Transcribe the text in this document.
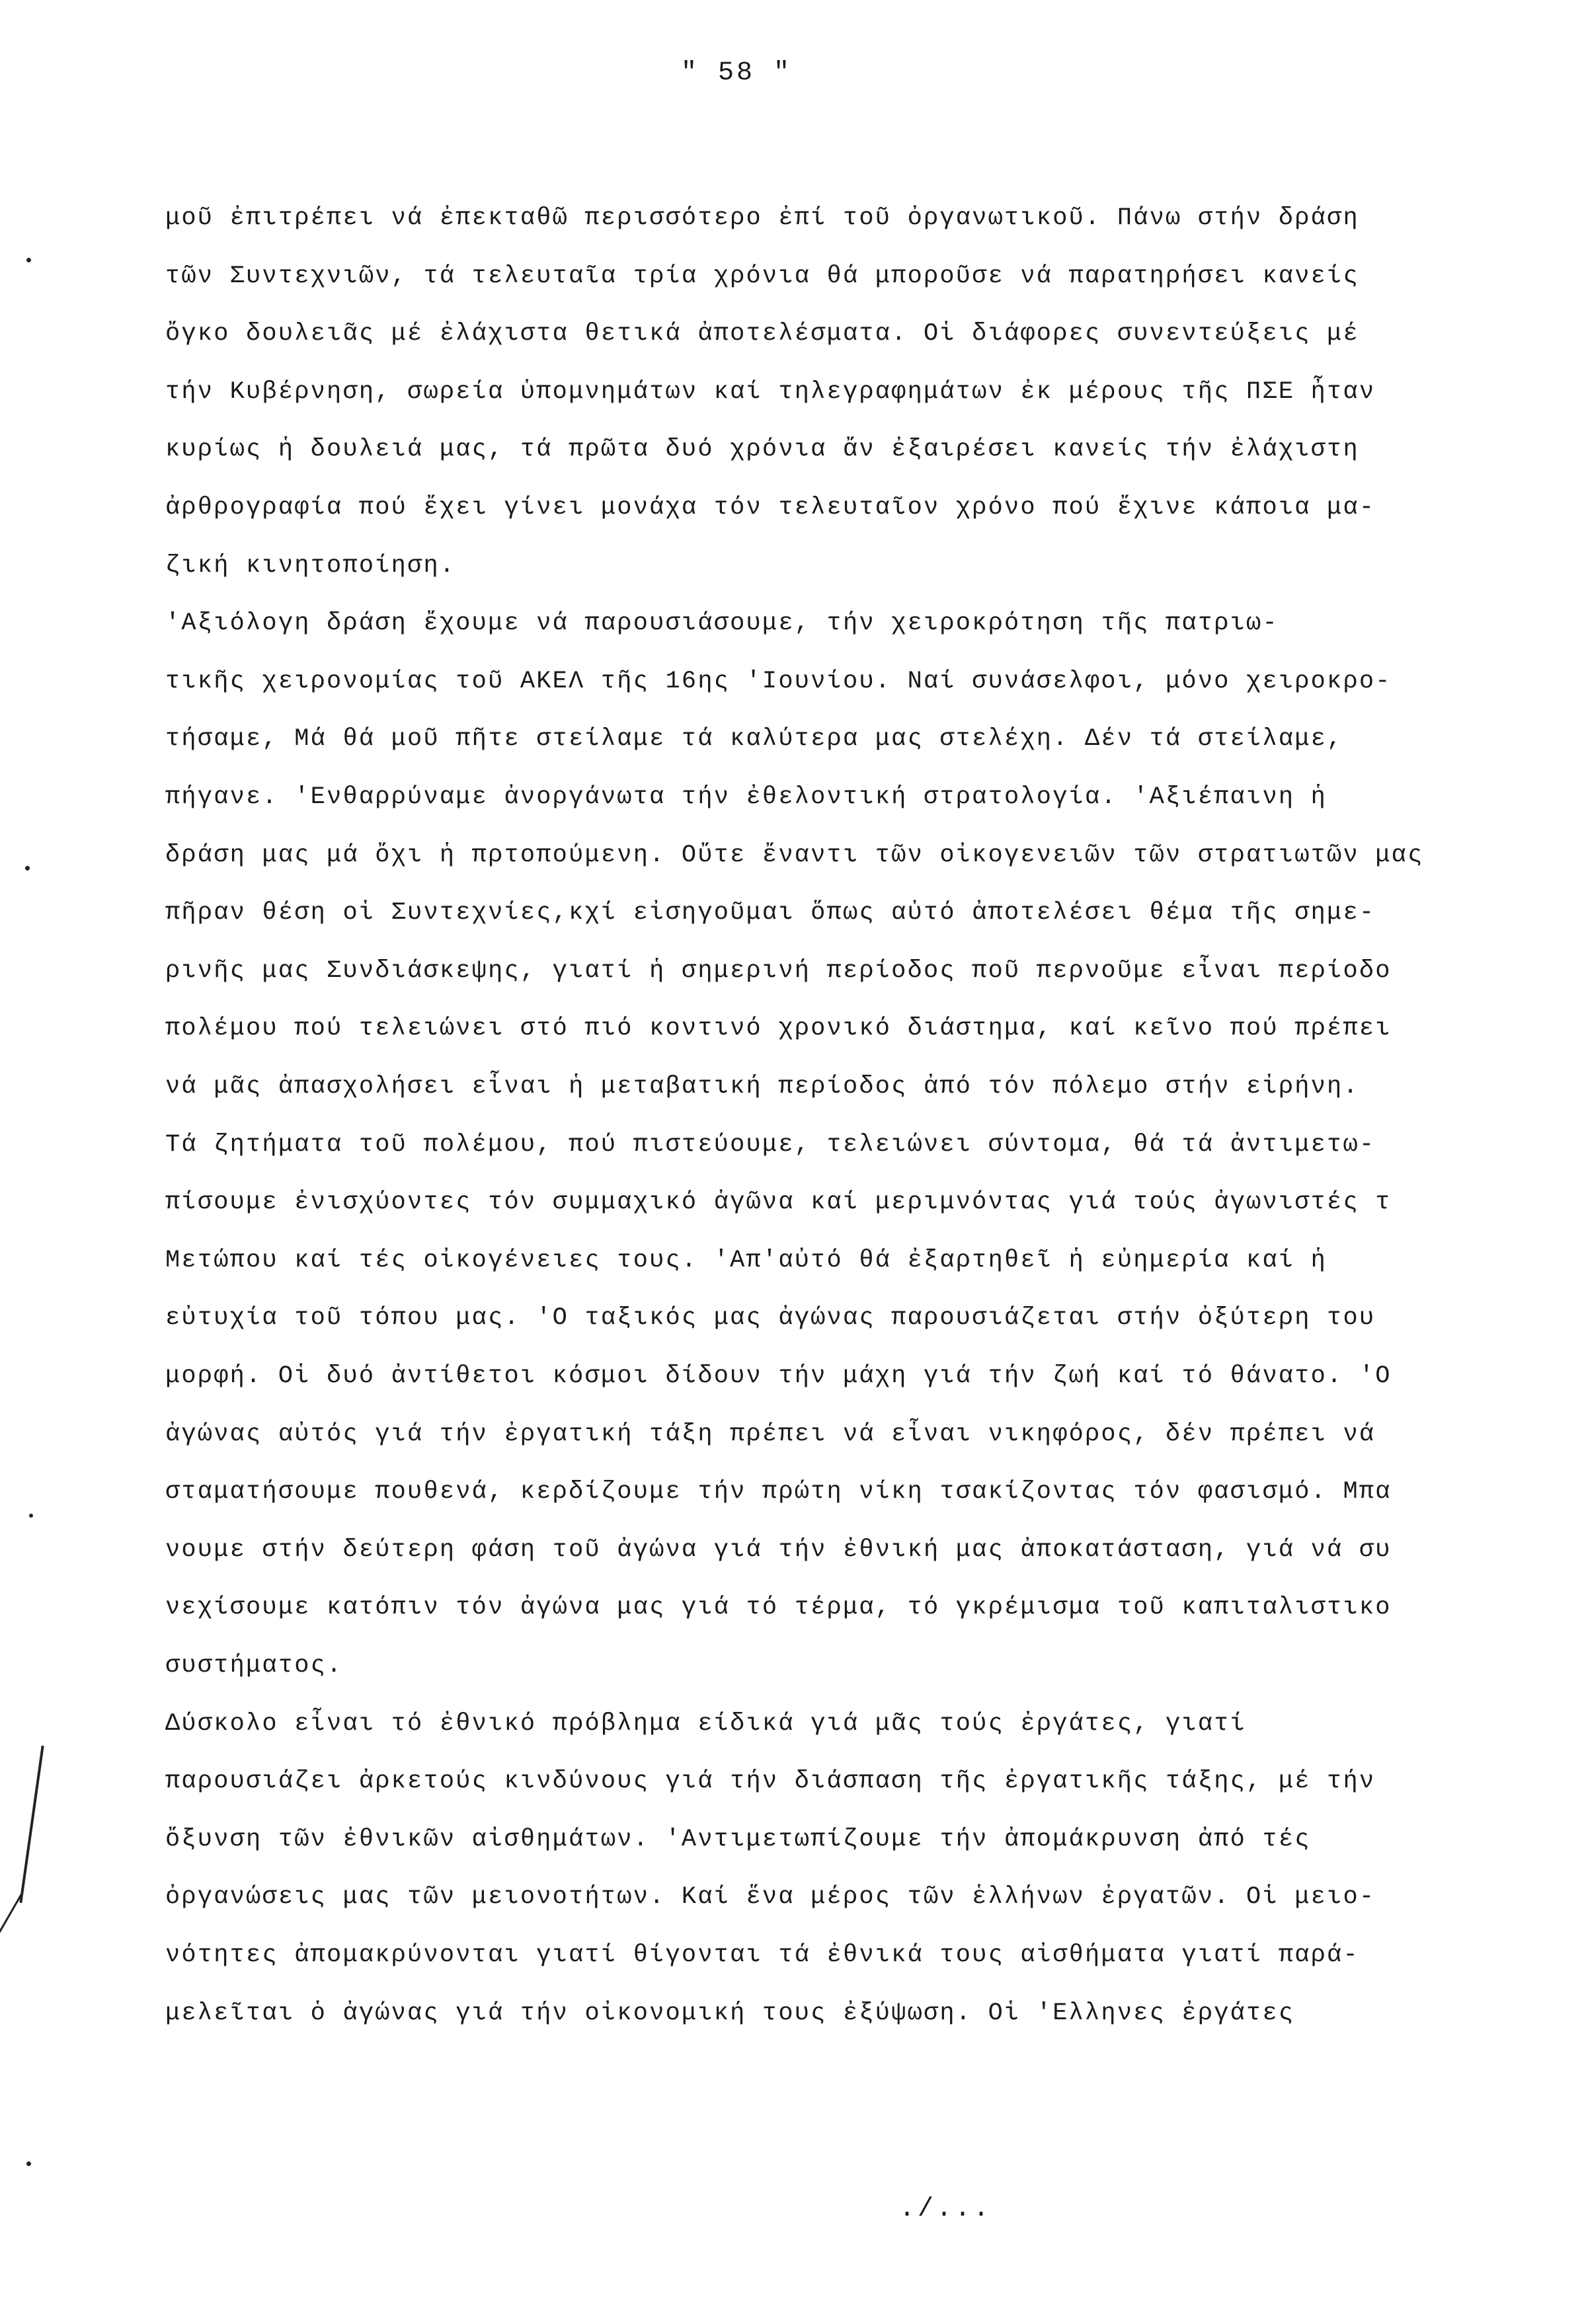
" 58 "
μοῦ ἐπιτρέπει νά ἐπεκταθῶ περισσότερο ἐπί τοῦ ὀργανωτικοῦ. Πάνω στήν δράση
τῶν Συντεχνιῶν, τά τελευταῖα τρία χρόνια θά μποροῦσε νά παρατηρήσει κανείς
ὄγκο δουλειᾶς μέ ἐλάχιστα θετικά ἀποτελέσματα. Οἱ διάφορες συνεντεύξεις μέ
τήν Κυβέρνηση, σωρεία ὑπομνημάτων καί τηλεγραφημάτων ἐκ μέρους τῆς ΠΣΕ ἦταν
κυρίως ἡ δουλειά μας, τά πρῶτα δυό χρόνια ἄν ἐξαιρέσει κανείς τήν ἐλάχιστη
ἀρθρογραφία πού ἔχει γίνει μονάχα τόν τελευταῖον χρόνο πού ἔχινε κάποια μα-
ζική κινητοποίηση.
'Αξιόλογη δράση ἔχουμε νά παρουσιάσουμε, τήν χειροκρότηση τῆς πατριω-
τικῆς χειρονομίας τοῦ ΑΚΕΛ τῆς 16ης 'Ιουνίου. Ναί συνάσελφοι, μόνο χειροκρο-
τήσαμε, Μά θά μοῦ πῆτε στείλαμε τά καλύτερα μας στελέχη. Δέν τά στείλαμε,
πήγανε. 'Ενθαρρύναμε ἀνοργάνωτα τήν ἐθελοντική στρατολογία. 'Αξιέπαινη ἡ
δράση μας μά ὄχι ἡ πρτοπούμενη. Οὔτε ἔναντι τῶν οἰκογενειῶν τῶν στρατιωτῶν μας
πῆραν θέση οἱ Συντεχνίες,κχί εἰσηγοῦμαι ὅπως αὐτό ἀποτελέσει θέμα τῆς σημε-
ρινῆς μας Συνδιάσκεψης, γιατί ἡ σημερινή περίοδος ποῦ περνοῦμε εἶναι περίοδο
πολέμου πού τελειώνει στό πιό κοντινό χρονικό διάστημα, καί κεῖνο πού πρέπει
νά μᾶς ἀπασχολήσει εἶναι ἡ μεταβατική περίοδος ἀπό τόν πόλεμο στήν εἰρήνη.
Τά ζητήματα τοῦ πολέμου, πού πιστεύουμε, τελειώνει σύντομα, θά τά ἀντιμετω-
πίσουμε ἐνισχύοντες τόν συμμαχικό ἀγῶνα καί μεριμνόντας γιά τούς ἀγωνιστές τ
Μετώπου καί τές οἰκογένειες τους. 'Απ'αὐτό θά ἐξαρτηθεῖ ἡ εὐημερία καί ἡ
εὐτυχία τοῦ τόπου μας. 'Ο ταξικός μας ἀγώνας παρουσιάζεται στήν ὀξύτερη του
μορφή. Οἱ δυό ἀντίθετοι κόσμοι δίδουν τήν μάχη γιά τήν ζωή καί τό θάνατο. 'Ο
ἀγώνας αὐτός γιά τήν ἐργατική τάξη πρέπει νά εἶναι νικηφόρος, δέν πρέπει νά
σταματήσουμε πουθενά, κερδίζουμε τήν πρώτη νίκη τσακίζοντας τόν φασισμό. Μπα
νουμε στήν δεύτερη φάση τοῦ ἀγώνα γιά τήν ἐθνική μας ἀποκατάσταση, γιά νά συ
νεχίσουμε κατόπιν τόν ἀγώνα μας γιά τό τέρμα, τό γκρέμισμα τοῦ καπιταλιστικο
συστήματος.
Δύσκολο εἶναι τό ἐθνικό πρόβλημα είδικά γιά μᾶς τούς ἐργάτες, γιατί
παρουσιάζει ἀρκετούς κινδύνους γιά τήν διάσπαση τῆς ἐργατικῆς τάξης, μέ τήν
ὄξυνση τῶν ἐθνικῶν αἰσθημάτων. 'Αντιμετωπίζουμε τήν ἀπομάκρυνση ἀπό τές
ὀργανώσεις μας τῶν μειονοτήτων. Καί ἕνα μέρος τῶν ἑλλήνων ἐργατῶν. Οἱ μειο-
νότητες ἀπομακρύνονται γιατί θίγονται τά ἐθνικά τους αἰσθήματα γιατί παρά-
μελεῖται ὁ ἀγώνας γιά τήν οἰκονομική τους ἐξύψωση. Οἱ 'Ελληνες ἐργάτες
./...
